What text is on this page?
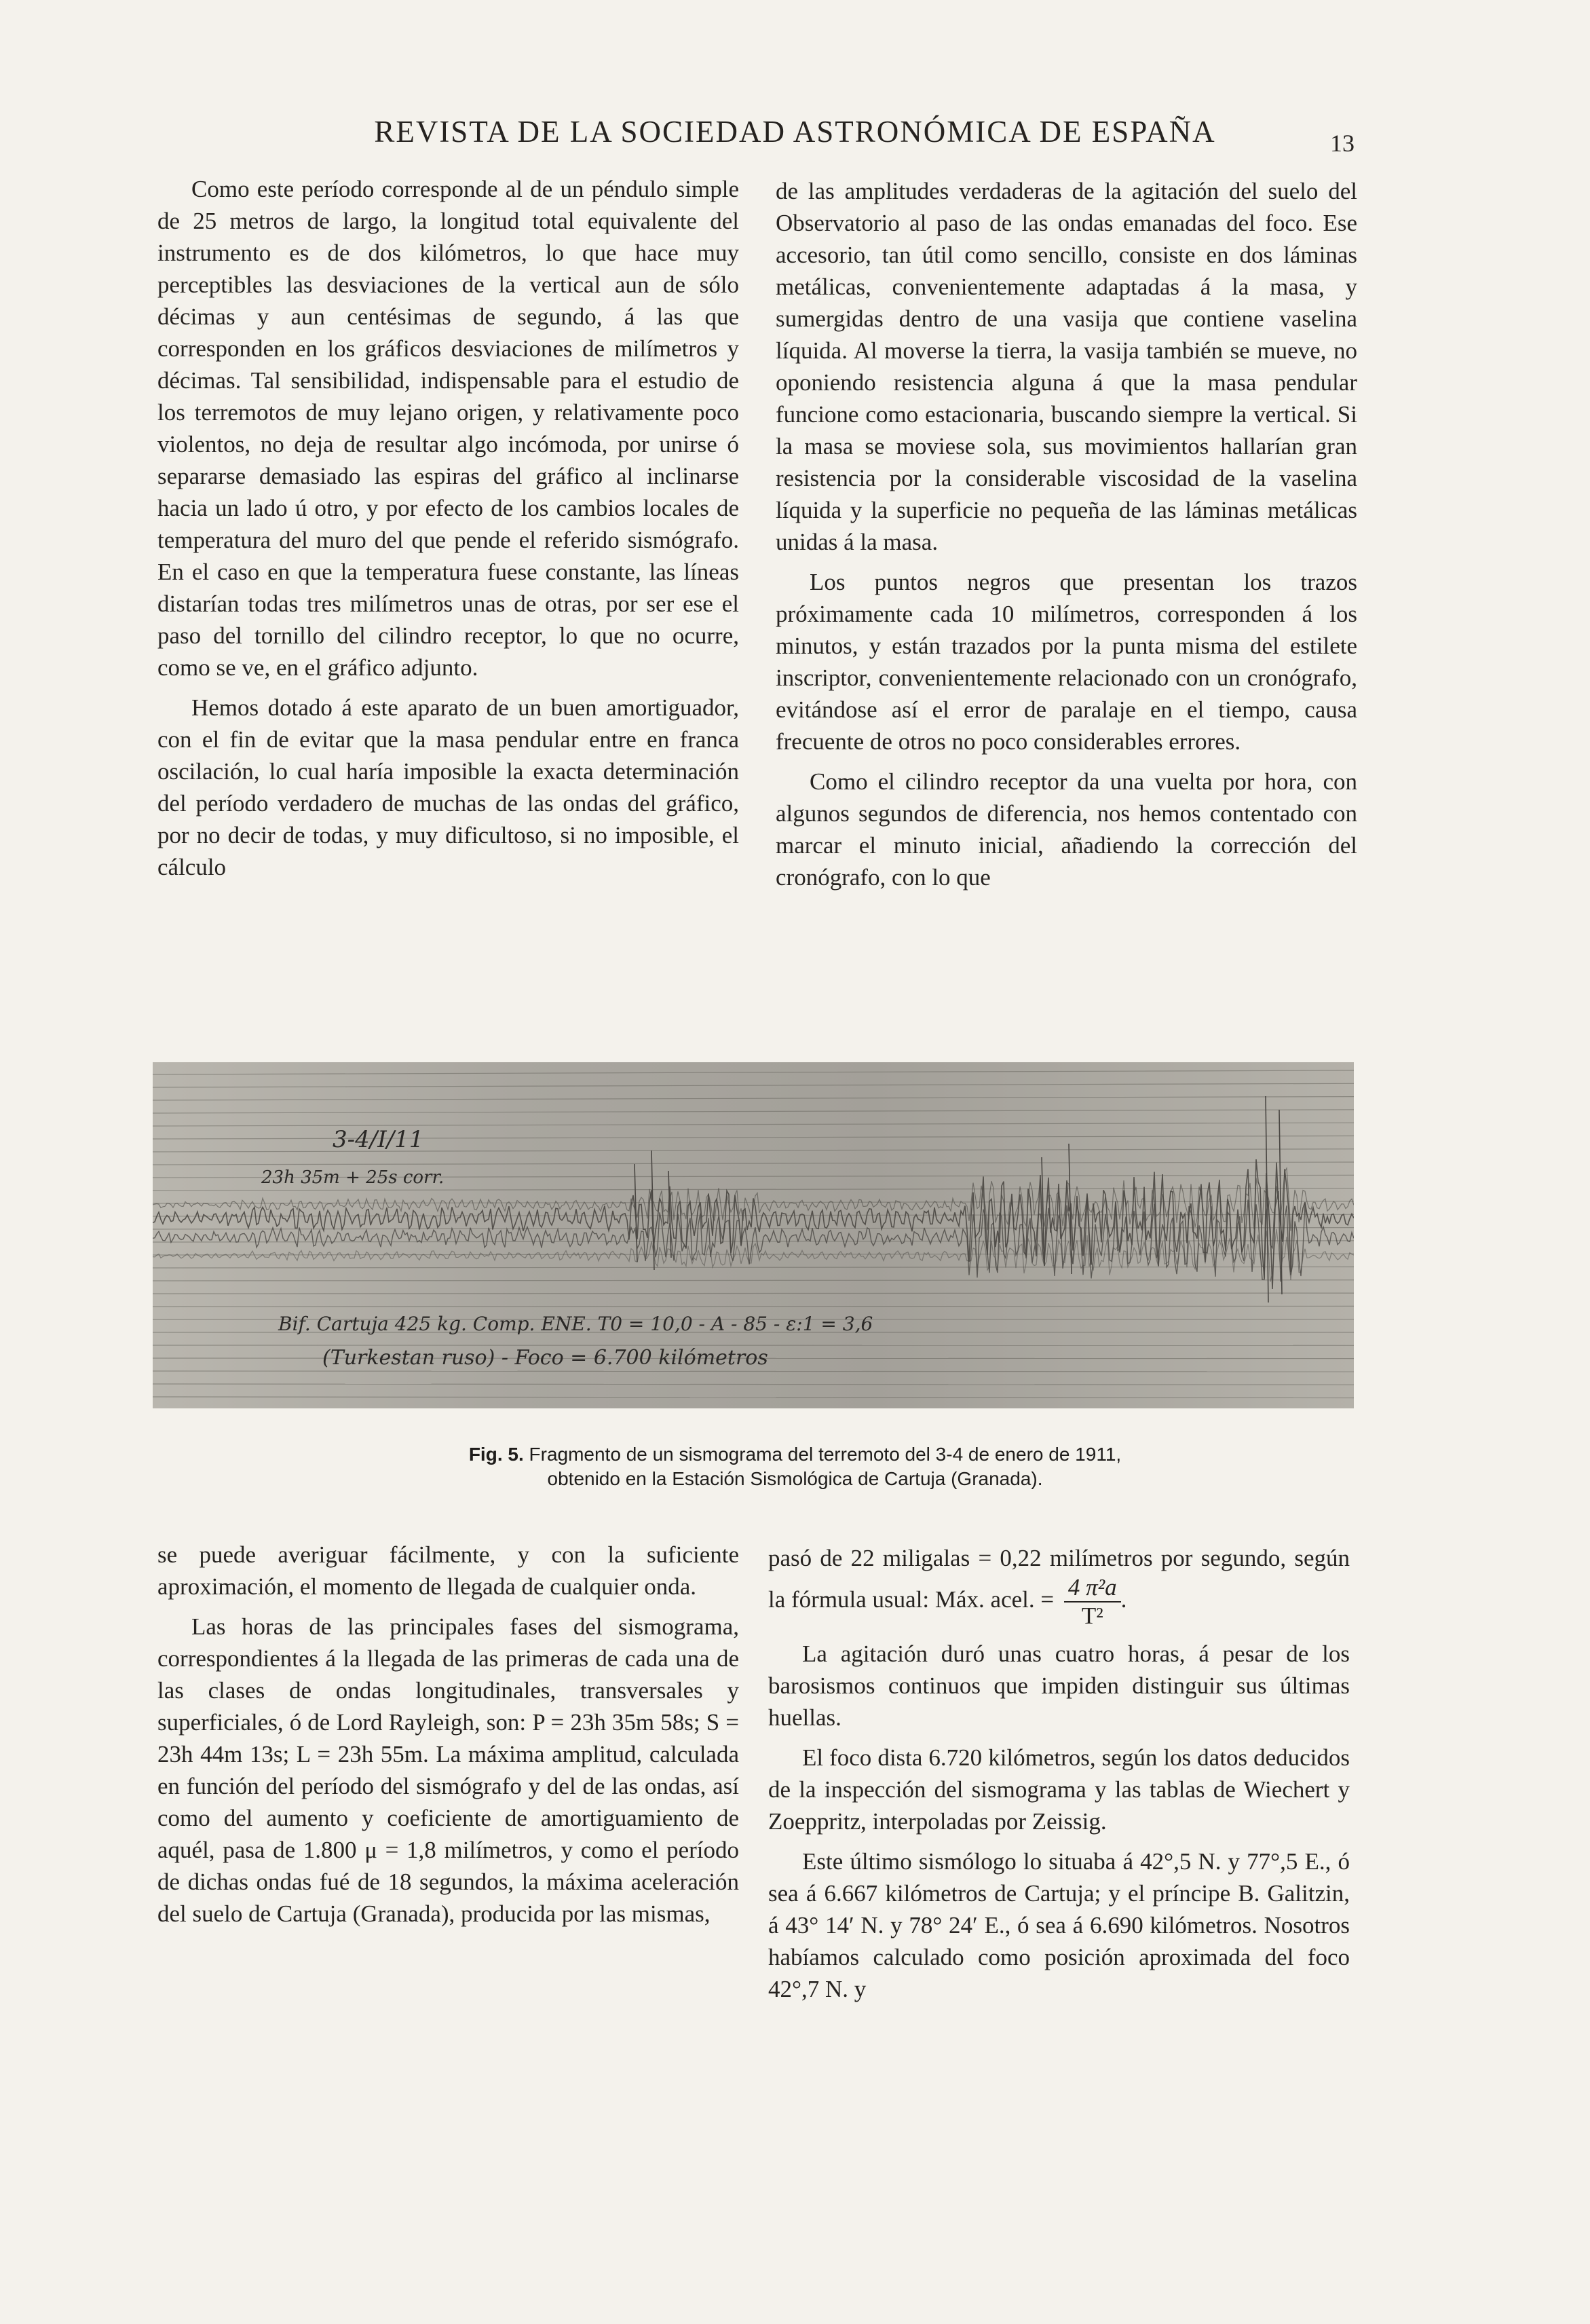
REVISTA DE LA SOCIEDAD ASTRONÓMICA DE ESPAÑA	13

Como este período corresponde al de un péndulo simple de 25 metros de largo, la longitud total equivalente del instrumento es de dos kilómetros, lo que hace muy perceptibles las desviaciones de la vertical aun de sólo décimas y aun centésimas de segundo, á las que corresponden en los gráficos desviaciones de milímetros y décimas. Tal sensibilidad, indispensable para el estudio de los terremotos de muy lejano origen, y relativamente poco violentos, no deja de resultar algo incómoda, por unirse ó separarse demasiado las espiras del gráfico al inclinarse hacia un lado ú otro, y por efecto de los cambios locales de temperatura del muro del que pende el referido sismógrafo. En el caso en que la temperatura fuese constante, las líneas distarían todas tres milímetros unas de otras, por ser ese el paso del tornillo del cilindro receptor, lo que no ocurre, como se ve, en el gráfico adjunto.

Hemos dotado á este aparato de un buen amortiguador, con el fin de evitar que la masa pendular entre en franca oscilación, lo cual haría imposible la exacta determinación del período verdadero de muchas de las ondas del gráfico, por no decir de todas, y muy dificultoso, si no imposible, el cálculo

de las amplitudes verdaderas de la agitación del suelo del Observatorio al paso de las ondas emanadas del foco. Ese accesorio, tan útil como sencillo, consiste en dos láminas metálicas, convenientemente adaptadas á la masa, y sumergidas dentro de una vasija que contiene vaselina líquida. Al moverse la tierra, la vasija también se mueve, no oponiendo resistencia alguna á que la masa pendular funcione como estacionaria, buscando siempre la vertical. Si la masa se moviese sola, sus movimientos hallarían gran resistencia por la considerable viscosidad de la vaselina líquida y la superficie no pequeña de las láminas metálicas unidas á la masa.

Los puntos negros que presentan los trazos próximamente cada 10 milímetros, corresponden á los minutos, y están trazados por la punta misma del estilete inscriptor, convenientemente relacionado con un cronógrafo, evitándose así el error de paralaje en el tiempo, causa frecuente de otros no poco considerables errores.

Como el cilindro receptor da una vuelta por hora, con algunos segundos de diferencia, nos hemos contentado con marcar el minuto inicial, añadiendo la corrección del cronógrafo, con lo que

3-4/I/11
23h 35m + 25s corr.
Bif. Cartuja 425 kg. Comp. ENE. T0 = 10,0 - A - 85 - ε:1 = 3,6
(Turkestan ruso) - Foco = 6.700 kilómetros
Fig. 5. Fragmento de un sismograma del terremoto del 3-4 de enero de 1911,
obtenido en la Estación Sismológica de Cartuja (Granada).

se puede averiguar fácilmente, y con la suficiente aproximación, el momento de llegada de cualquier onda.

Las horas de las principales fases del sismograma, correspondientes á la llegada de las primeras de cada una de las clases de ondas longitudinales, transversales y superficiales, ó de Lord Rayleigh, son: P = 23h 35m 58s; S = 23h 44m 13s; L = 23h 55m. La máxima amplitud, calculada en función del período del sismógrafo y del de las ondas, así como del aumento y coeficiente de amortiguamiento de aquél, pasa de 1.800 μ = 1,8 milímetros, y como el período de dichas ondas fué de 18 segundos, la máxima aceleración del suelo de Cartuja (Granada), producida por las mismas,

pasó de 22 miligalas = 0,22 milímetros por segundo, según la fórmula usual: Máx. acel. = $\frac{\text{4 π²a}}{\text{T²}}$ .

La agitación duró unas cuatro horas, á pesar de los barosismos continuos que impiden distinguir sus últimas huellas.

El foco dista 6.720 kilómetros, según los datos deducidos de la inspección del sismograma y las tablas de Wiechert y Zoeppritz, interpoladas por Zeissig.

Este último sismólogo lo situaba á 42°,5 N. y 77°,5 E., ó sea á 6.667 kilómetros de Cartuja; y el príncipe B. Galitzin, á 43° 14′ N. y 78° 24′ E., ó sea á 6.690 kilómetros. Nosotros habíamos calculado como posición aproximada del foco 42°,7 N. y
